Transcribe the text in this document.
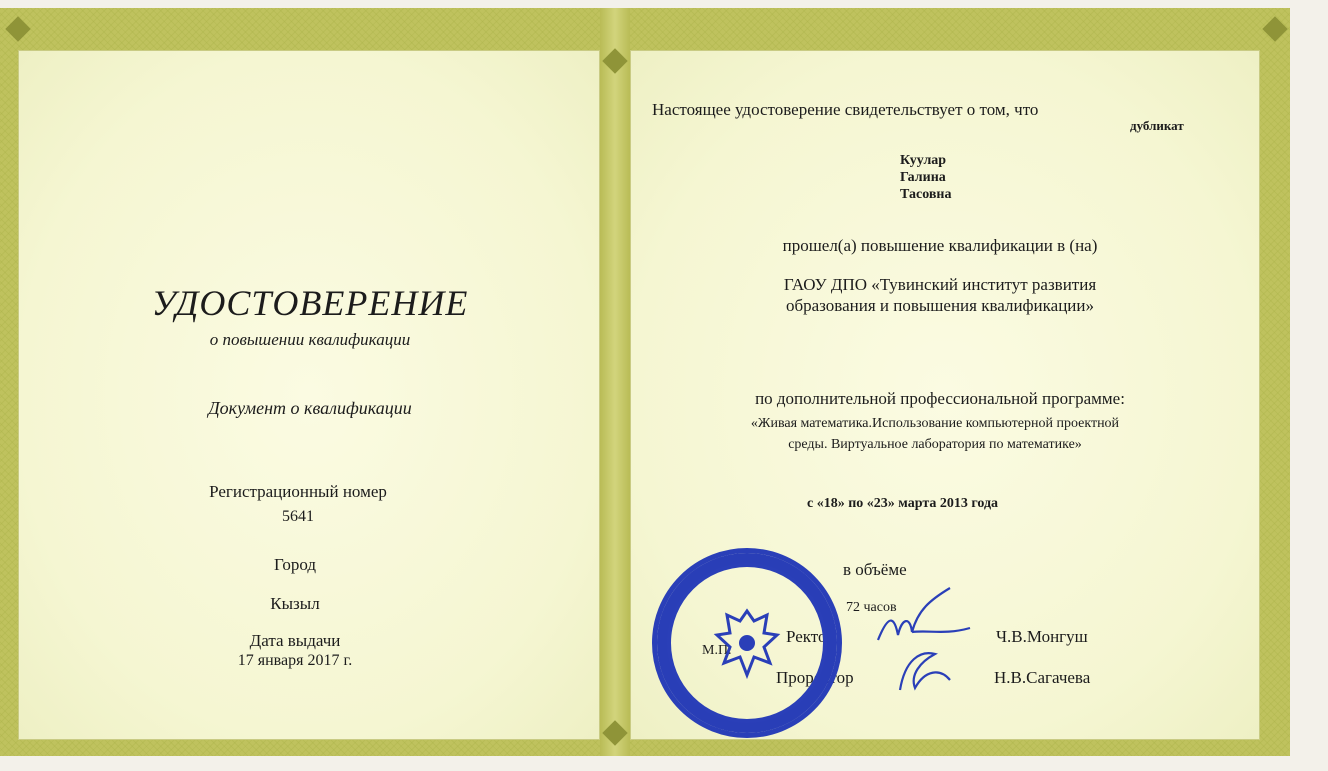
УДОСТОВЕРЕНИЕ
о повышении квалификации
Документ о квалификации
Регистрационный номер
5641
Город
Кызыл
Дата выдачи
17 января 2017 г.
Настоящее удостоверение свидетельствует о том, что
дубликат
Куулар
Галина
Тасовна
прошел(а) повышение квалификации в (на)
ГАОУ ДПО «Тувинский институт развития
образования и повышения квалификации»
по дополнительной профессиональной программе:
«Живая математика.Использование компьютерной проектной
среды. Виртуальное лаборатория по математике»
с «18» по «23» марта 2013 года
в объёме
72 часов
М.П.
Ректор	Ч.В.Монгуш
Проректор	Н.В.Сагачева
